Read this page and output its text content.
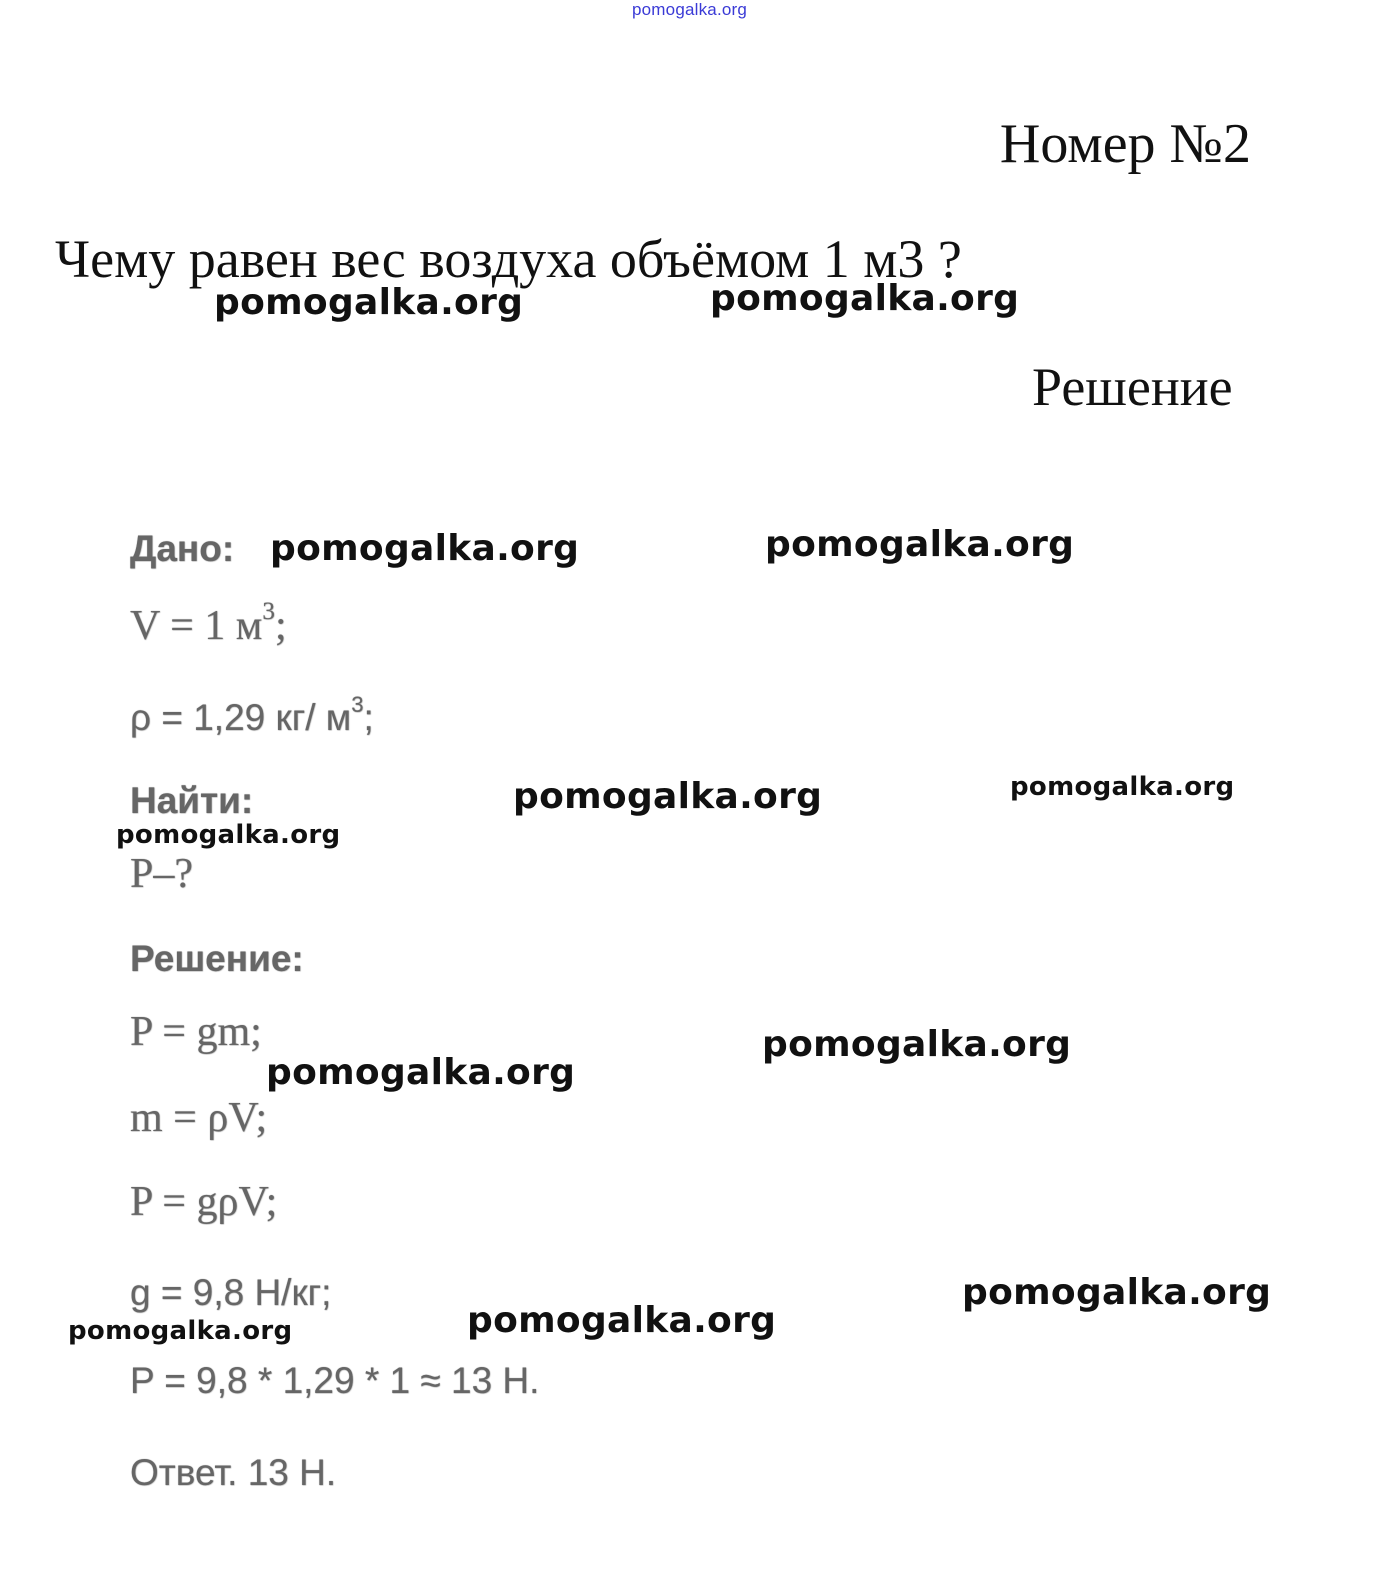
pomogalka.org
Номер №2
Чему равен вес воздуха объёмом 1 м3 ?
Решение
Дано:
V = 1 $м^3$;
ρ = 1,29 кг/ $м^3$;
Найти:
P–?
Решение:
P = gm;
m = ρV;
P = gρV;
g = 9,8 Н/кг;
P = 9,8 * 1,29 * 1 ≈ 13 Н.
Ответ. 13 Н.
pomogalka.org	pomogalka.org
pomogalka.org	pomogalka.org
pomogalka.org	pomogalka.org
pomogalka.org
pomogalka.org
pomogalka.org
pomogalka.org
pomogalka.org
pomogalka.org
